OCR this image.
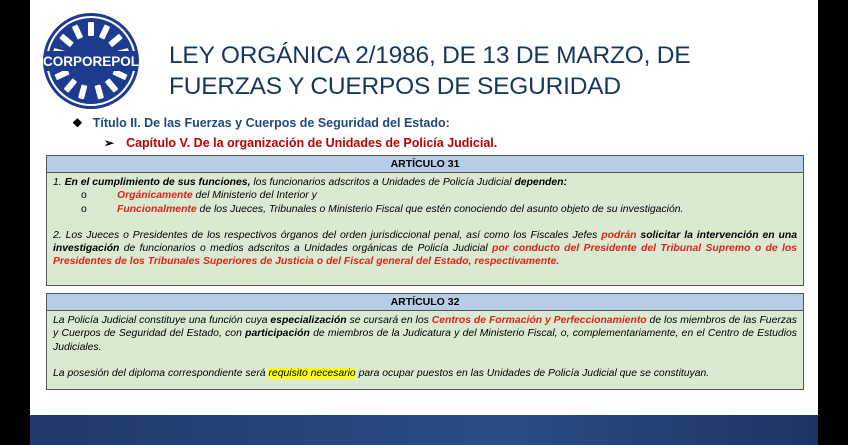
CORPOREPOL LEY ORGÁNICA 2/1986, DE 13 DE MARZO, DE
FUERZAS Y CUERPOS DE SEGURIDAD
❖ Título II. De las Fuerzas y Cuerpos de Seguridad del Estado:
➢ Capítulo V. De la organización de Unidades de Policía Judicial.
ARTÍCULO 31
1. En el cumplimiento de sus funciones, los funcionarios adscritos a Unidades de Policía Judicial dependen:
o	Orgánicamente del Ministerio del Interior y
o	Funcionalmente de los Jueces, Tribunales o Ministerio Fiscal que estén conociendo del asunto objeto de su investigación.
2. Los Jueces o Presidentes de los respectivos órganos del orden jurisdiccional penal, así como los Fiscales Jefes podrán solicitar la intervención en una investigación de funcionarios o medios adscritos a Unidades orgánicas de Policía Judicial por conducto del Presidente del Tribunal Supremo o de los Presidentes de los Tribunales Superiores de Justicia o del Fiscal general del Estado, respectivamente.
ARTÍCULO 32
La Policía Judicial constituye una función cuya especialización se cursará en los Centros de Formación y Perfeccionamiento de los miembros de las Fuerzas y Cuerpos de Seguridad del Estado, con participación de miembros de la Judicatura y del Ministerio Fiscal, o, complementariamente, en el Centro de Estudios Judiciales.
La posesión del diploma correspondiente será requisito necesario para ocupar puestos en las Unidades de Policía Judicial que se constituyan.
